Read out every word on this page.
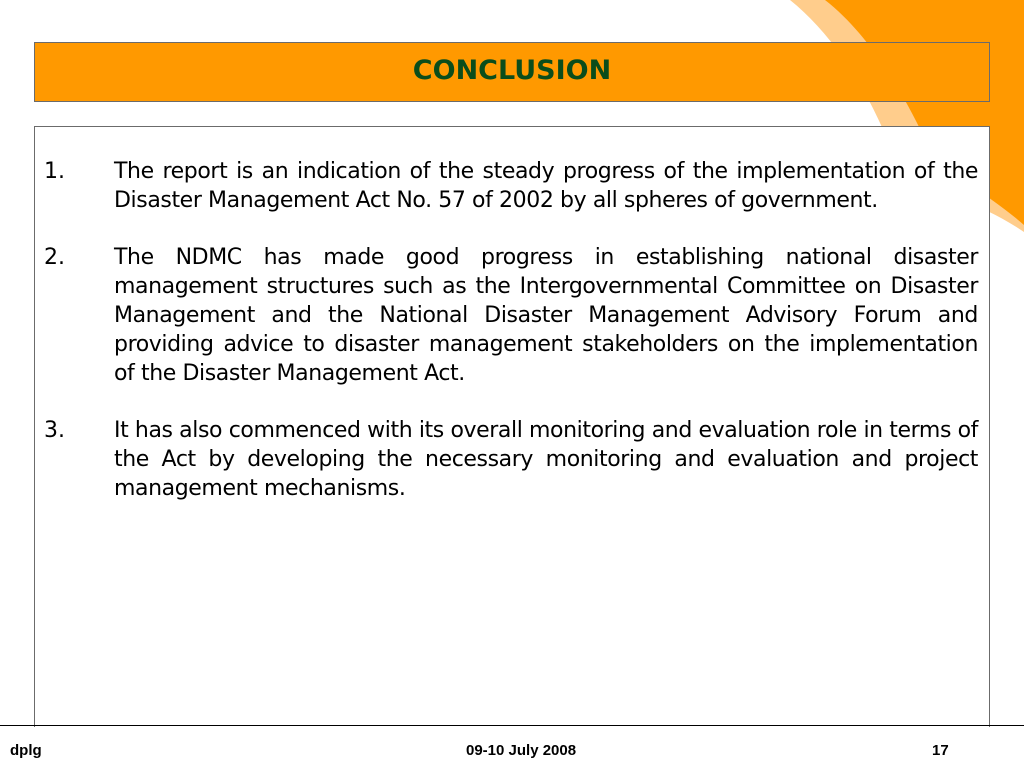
CONCLUSION
1. The report is an indication of the steady progress of the implementation of the Disaster Management Act No. 57 of 2002 by all spheres of government.
2. The NDMC has made good progress in establishing national disaster management structures such as the Intergovernmental Committee on Disaster Management and the National Disaster Management Advisory Forum and providing advice to disaster management stakeholders on the implementation of the Disaster Management Act.
3. It has also commenced with its overall monitoring and evaluation role in terms of the Act by developing the necessary monitoring and evaluation and project management mechanisms.
dplg	09-10 July 2008	17
